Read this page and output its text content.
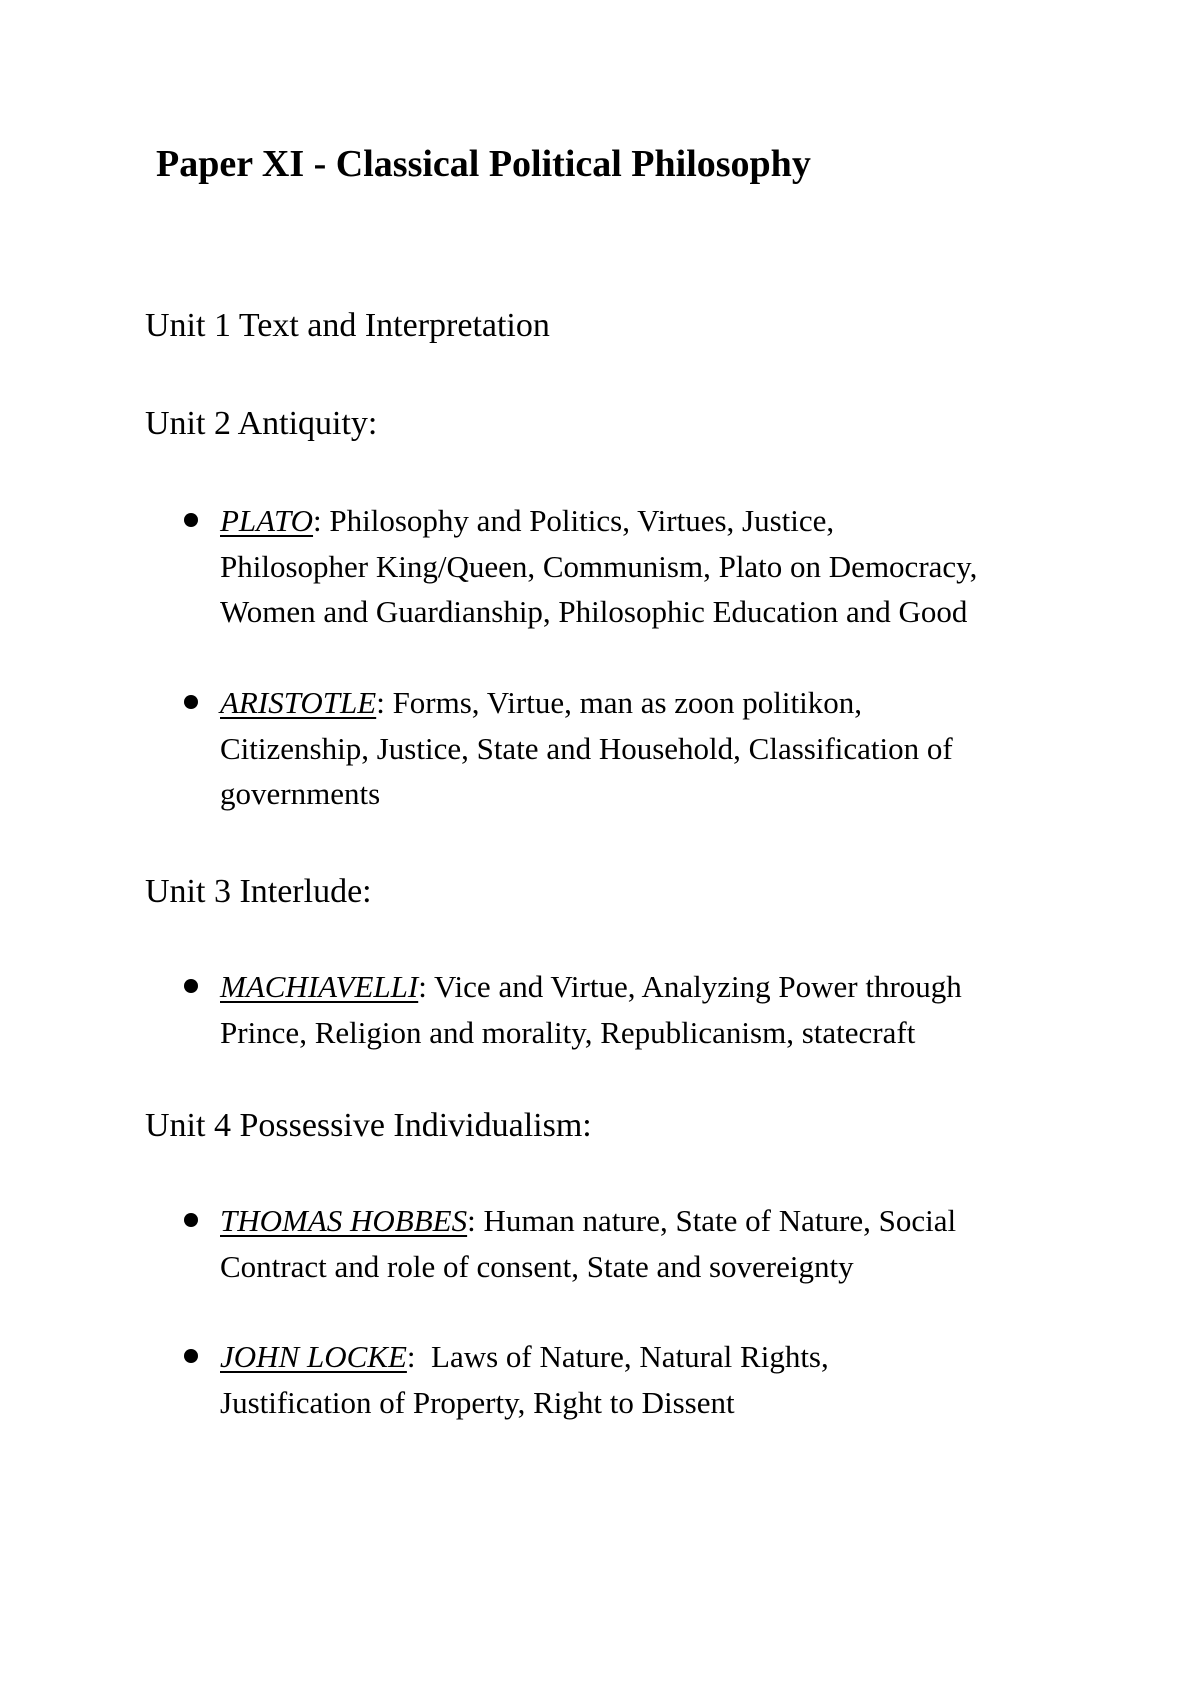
Paper XI - Classical Political Philosophy

Unit 1 Text and Interpretation

Unit 2 Antiquity:

PLATO: Philosophy and Politics, Virtues, Justice,
Philosopher King/Queen, Communism, Plato on Democracy,
Women and Guardianship, Philosophic Education and Good
ARISTOTLE: Forms, Virtue, man as zoon politikon,
Citizenship, Justice, State and Household, Classification of
governments

Unit 3 Interlude:

MACHIAVELLI: Vice and Virtue, Analyzing Power through
Prince, Religion and morality, Republicanism, statecraft

Unit 4 Possessive Individualism:

THOMAS HOBBES: Human nature, State of Nature, Social
Contract and role of consent, State and sovereignty
JOHN LOCKE:  Laws of Nature, Natural Rights,
Justification of Property, Right to Dissent
